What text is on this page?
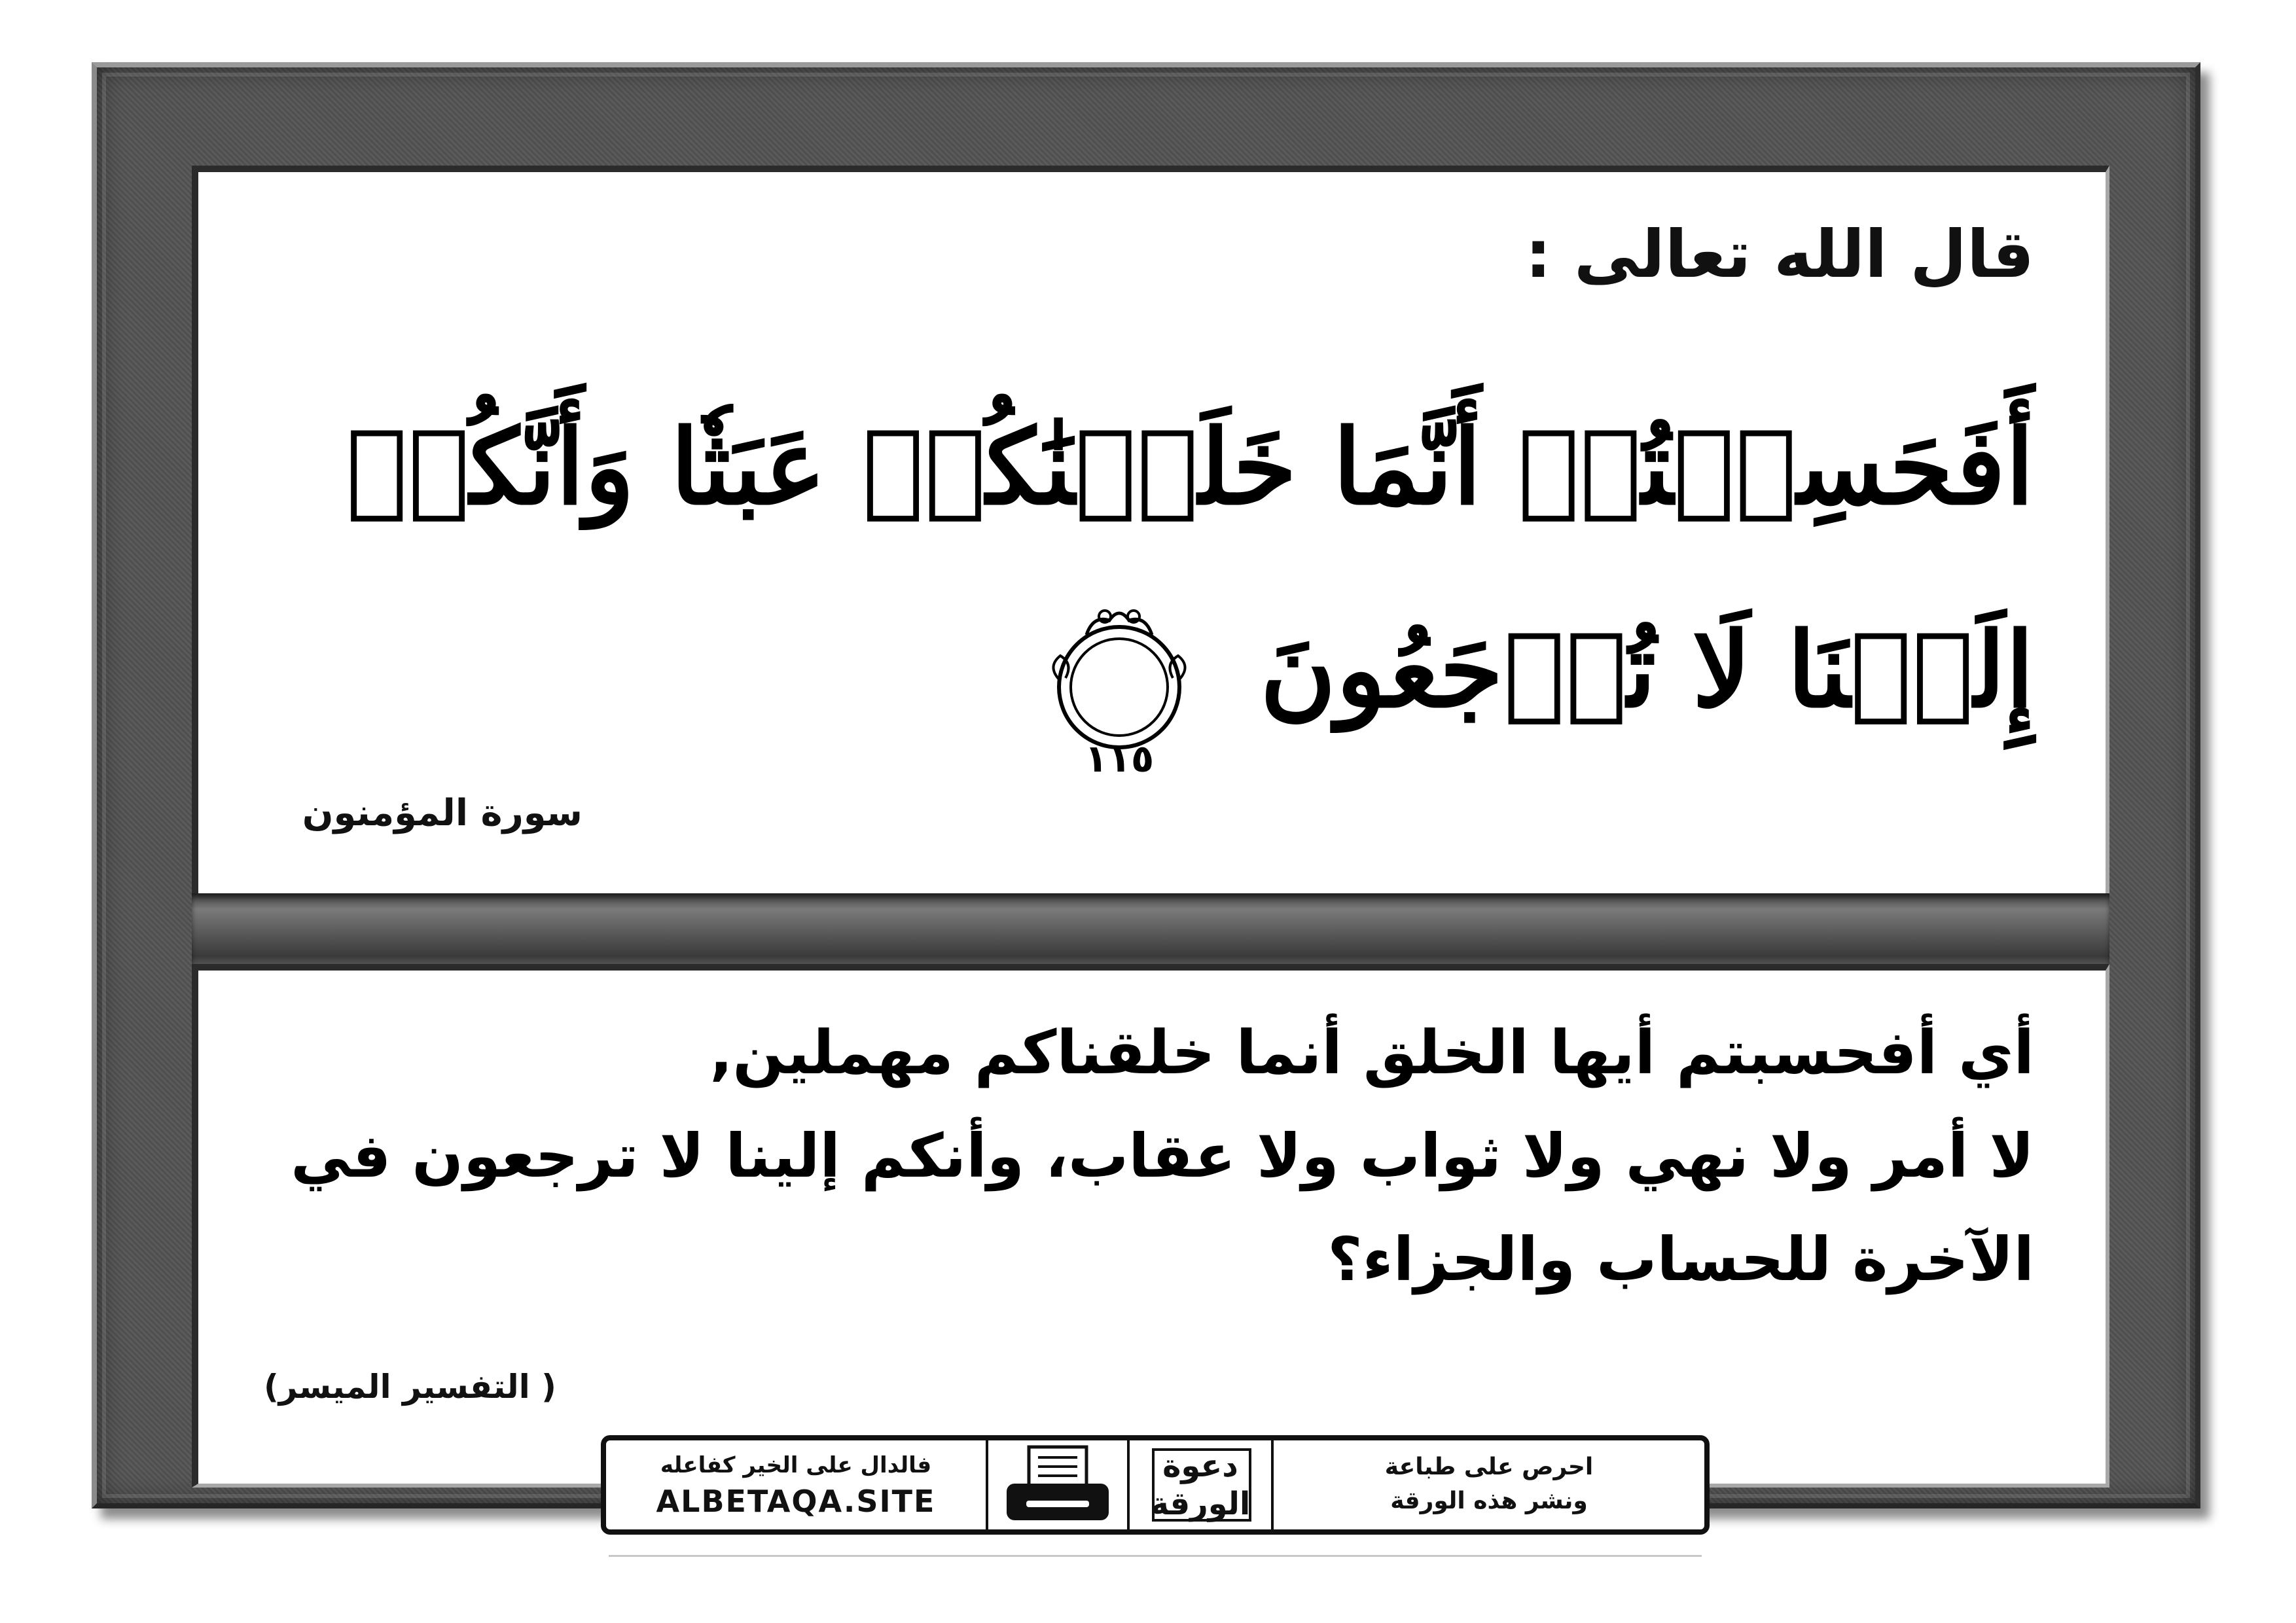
قال الله تعالى :
أَفَحَسِبۡتُمۡ أَنَّمَا خَلَقۡنَٰكُمۡ عَبَثٗا وَأَنَّكُمۡ
إِلَيۡنَا لَا تُرۡجَعُونَ
١١٥
سورة المؤمنون
أي أفحسبتم أيها الخلق أنما خلقناكم مهملين,
لا أمر ولا نهي ولا ثواب ولا عقاب، وأنكم إلينا لا ترجعون في
الآخرة للحساب والجزاء؟
( التفسير الميسر)
فالدال على الخير كفاعله
ALBETAQA.SITE
دعوة
الورقة
احرص على طباعة
ونشر هذه الورقة
